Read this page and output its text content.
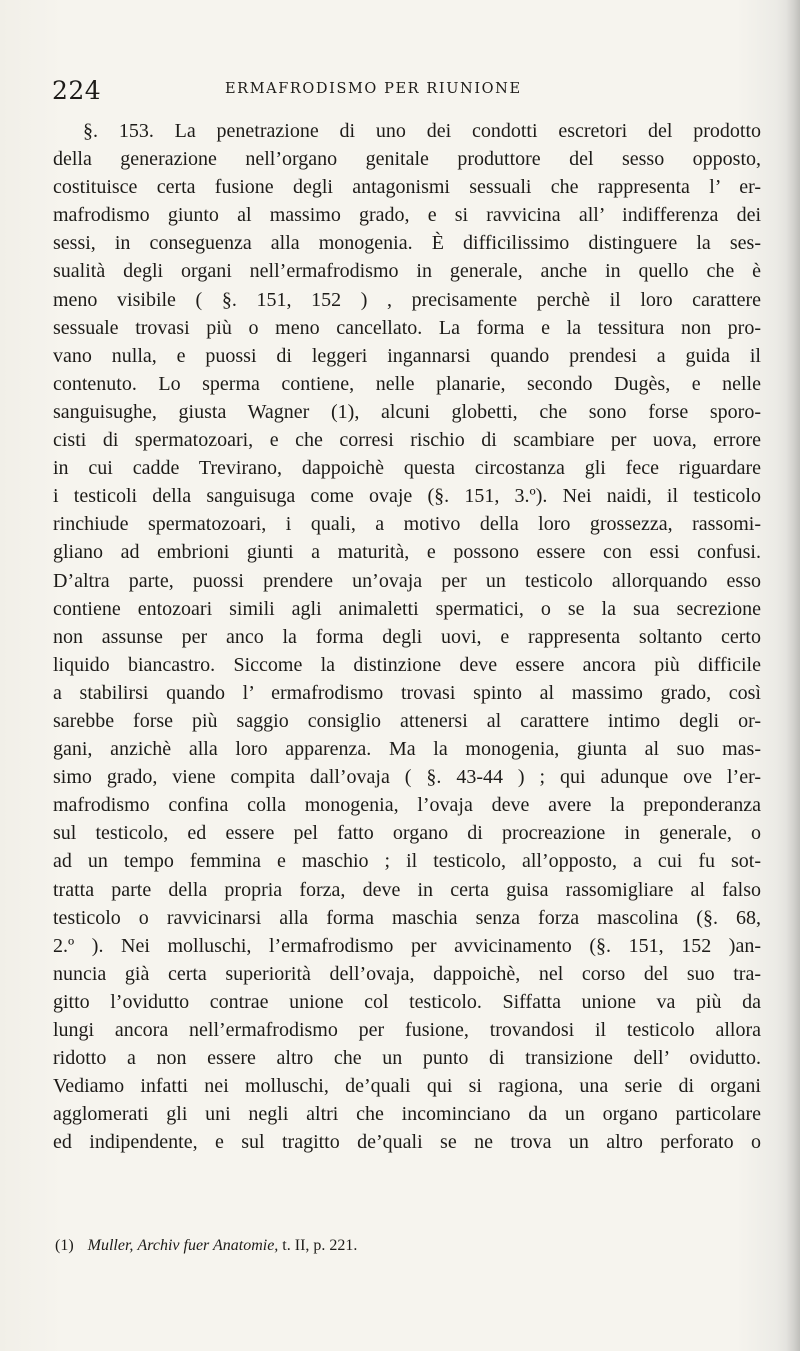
224	ERMAFRODISMO PER RIUNIONE
§. 153. La penetrazione di uno dei condotti escretori del prodotto
della generazione nell’organo genitale produttore del sesso opposto,
costituisce certa fusione degli antagonismi sessuali che rappresenta l’ er-
mafrodismo giunto al massimo grado, e si ravvicina all’ indifferenza dei
sessi, in conseguenza alla monogenia. È difficilissimo distinguere la ses-
sualità degli organi nell’ermafrodismo in generale, anche in quello che è
meno visibile ( §. 151, 152 ) , precisamente perchè il loro carattere
sessuale trovasi più o meno cancellato. La forma e la tessitura non pro-
vano nulla, e puossi di leggeri ingannarsi quando prendesi a guida il
contenuto. Lo sperma contiene, nelle planarie, secondo Dugès, e nelle
sanguisughe, giusta Wagner (1), alcuni globetti, che sono forse sporo-
cisti di spermatozoari, e che corresi rischio di scambiare per uova, errore
in cui cadde Treviranο, dappoichè questa circostanza gli fece riguardare
i testicoli della sanguisuga come ovaje (§. 151, 3.º). Nei naidi, il testicolo
rinchiude spermatozoari, i quali, a motivo della loro grossezza, rassomi-
gliano ad embrioni giunti a maturità, e possono essere con essi confusi.
D’altra parte, puossi prendere un’ovaja per un testicolo allorquando esso
contiene entozoari simili agli animaletti spermatici, o se la sua secrezione
non assunse per anco la forma degli uovi, e rappresenta soltanto certo
liquido biancastro. Siccome la distinzione deve essere ancora più difficile
a stabilirsi quando l’ ermafrodismo trovasi spinto al massimo grado, così
sarebbe forse più saggio consiglio attenersi al carattere intimo degli or-
gani, anzichè alla loro apparenza. Ma la monogenia, giunta al suo mas-
simo grado, viene compita dall’ovaja ( §. 43-44 ) ; qui adunque ove l’er-
mafrodismo confina colla monogenia, l’ovaja deve avere la preponderanza
sul testicolo, ed essere pel fatto organo di procreazione in generale, o
ad un tempo femmina e maschio ; il testicolo, all’opposto, a cui fu sot-
tratta parte della propria forza, deve in certa guisa rassomigliare al falso
testicolo o ravvicinarsi alla forma maschia senza forza mascolina (§. 68,
2.º ). Nei molluschi, l’ermafrodismo per avvicinamento (§. 151, 152 )an-
nuncia già certa superiorità dell’ovaja, dappoichè, nel corso del suo tra-
gitto l’ovidutto contrae unione col testicolo. Siffatta unione va più da
lungi ancora nell’ermafrodismo per fusione, trovandosi il testicolo allora
ridotto a non essere altro che un punto di transizione dell’ ovidutto.
Vediamo infatti nei molluschi, de’quali qui si ragiona, una serie di organi
agglomerati gli uni negli altri che incominciano da un organo particolare
ed indipendente, e sul tragitto de’quali se ne trova un altro perforato o
(1) Muller, Archiv fuer Anatomie, t. II, p. 221.
